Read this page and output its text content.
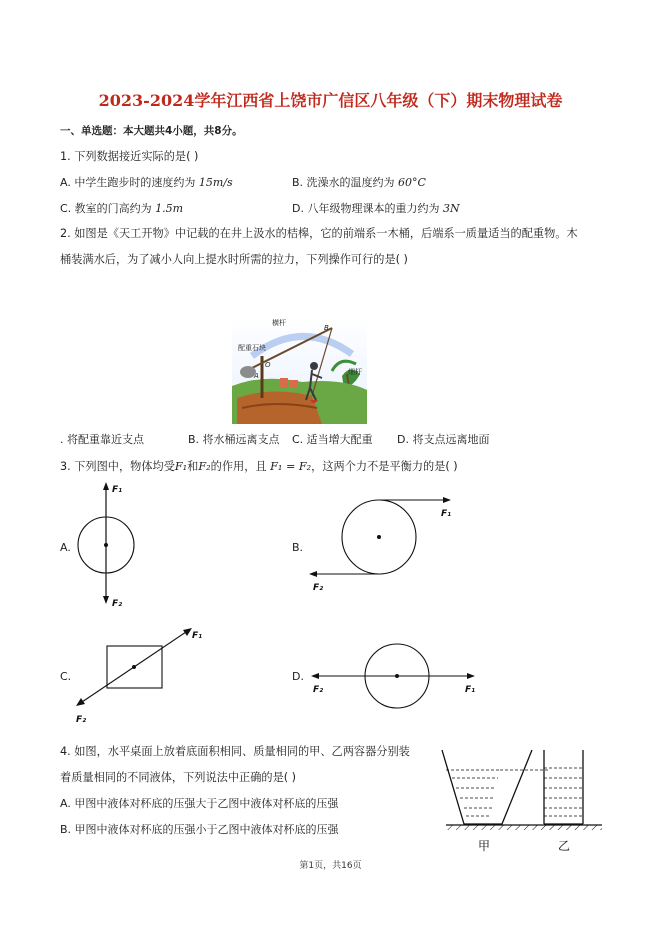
2023-2024学年江西省上饶市广信区八年级（下）期末物理试卷
一、单选题：本大题共4小题，共8分。
1. 下列数据接近实际的是( )
A. 中学生跑步时的速度约为 15m/s	B. 洗澡水的温度约为 60°C
C. 教室的门高约为 1.5m	D. 八年级物理课本的重力约为 3N
2. 如图是《天工开物》中记载的在井上汲水的桔槔，它的前端系一木桶，后端系一质量适当的配重物。木
桶装满水后，为了减小人向上提水时所需的拉力，下列操作可行的是( )
横杆
B
配重石块
A
O
细杆
. 将配重靠近支点	B. 将水桶远离支点 C. 适当增大配重 D. 将支点远离地面
3. 下列图中，物体均受F₁和F₂的作用，且 F₁ = F₂，这两个力不是平衡力的是( )
A.
F₁
F₂
B.
F₁
F₂
C.
F₁
F₂
D.
F₁
F₂
4. 如图，水平桌面上放着底面积相同、质量相同的甲、乙两容器分别装
着质量相同的不同液体，下列说法中正确的是( )
A. 甲图中液体对杯底的压强大于乙图中液体对杯底的压强
B. 甲图中液体对杯底的压强小于乙图中液体对杯底的压强
甲	乙
第1页，共16页
